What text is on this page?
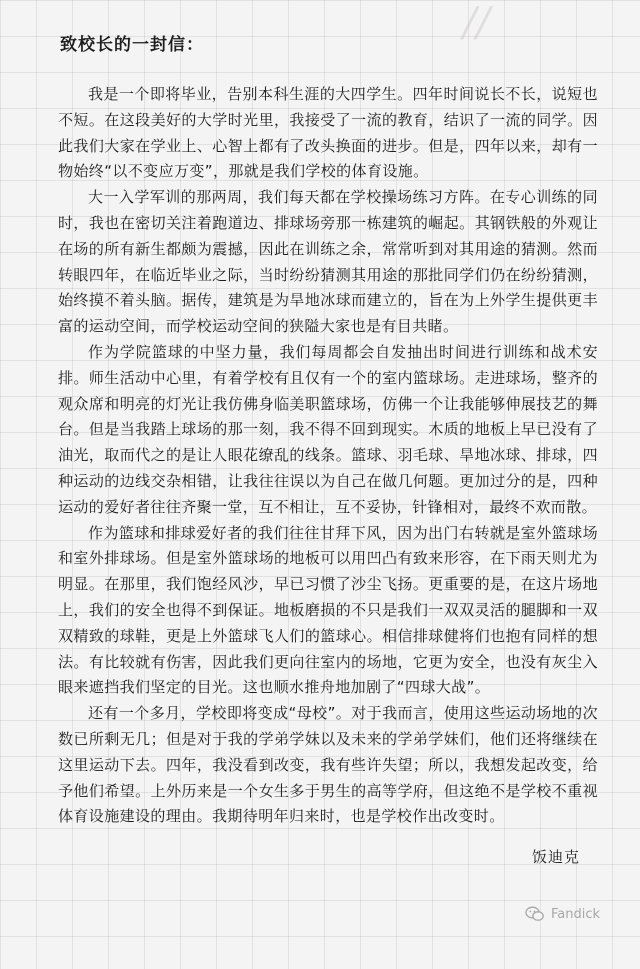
//
致校长的一封信：

我是一个即将毕业，告别本科生涯的大四学生。四年时间说长不长，说短也不短。在这段美好的大学时光里，我接受了一流的教育，结识了一流的同学。因此我们大家在学业上、心智上都有了改头换面的进步。但是，四年以来，却有一物始终“以不变应万变”，那就是我们学校的体育设施。

大一入学军训的那两周，我们每天都在学校操场练习方阵。在专心训练的同时，我也在密切关注着跑道边、排球场旁那一栋建筑的崛起。其钢铁般的外观让在场的所有新生都颇为震撼，因此在训练之余，常常听到对其用途的猜测。然而转眼四年，在临近毕业之际，当时纷纷猜测其用途的那批同学们仍在纷纷猜测，始终摸不着头脑。据传，建筑是为旱地冰球而建立的，旨在为上外学生提供更丰富的运动空间，而学校运动空间的狭隘大家也是有目共睹。

作为学院篮球的中坚力量，我们每周都会自发抽出时间进行训练和战术安排。师生活动中心里，有着学校有且仅有一个的室内篮球场。走进球场，整齐的观众席和明亮的灯光让我仿佛身临美职篮球场，仿佛一个让我能够伸展技艺的舞台。但是当我踏上球场的那一刻，我不得不回到现实。木质的地板上早已没有了油光，取而代之的是让人眼花缭乱的线条。篮球、羽毛球、旱地冰球、排球，四种运动的边线交杂相错，让我往往误以为自己在做几何题。更加过分的是，四种运动的爱好者往往齐聚一堂，互不相让，互不妥协，针锋相对，最终不欢而散。

作为篮球和排球爱好者的我们往往甘拜下风，因为出门右转就是室外篮球场和室外排球场。但是室外篮球场的地板可以用凹凸有致来形容，在下雨天则尤为明显。在那里，我们饱经风沙，早已习惯了沙尘飞扬。更重要的是，在这片场地上，我们的安全也得不到保证。地板磨损的不只是我们一双双灵活的腿脚和一双双精致的球鞋，更是上外篮球飞人们的篮球心。相信排球健将们也抱有同样的想法。有比较就有伤害，因此我们更向往室内的场地，它更为安全，也没有灰尘入眼来遮挡我们坚定的目光。这也顺水推舟地加剧了“四球大战”。

还有一个多月，学校即将变成“母校”。对于我而言，使用这些运动场地的次数已所剩无几；但是对于我的学弟学妹以及未来的学弟学妹们，他们还将继续在这里运动下去。四年，我没看到改变，我有些许失望；所以，我想发起改变，给予他们希望。上外历来是一个女生多于男生的高等学府，但这绝不是学校不重视体育设施建设的理由。我期待明年归来时，也是学校作出改变时。

饭迪克
Fandick
